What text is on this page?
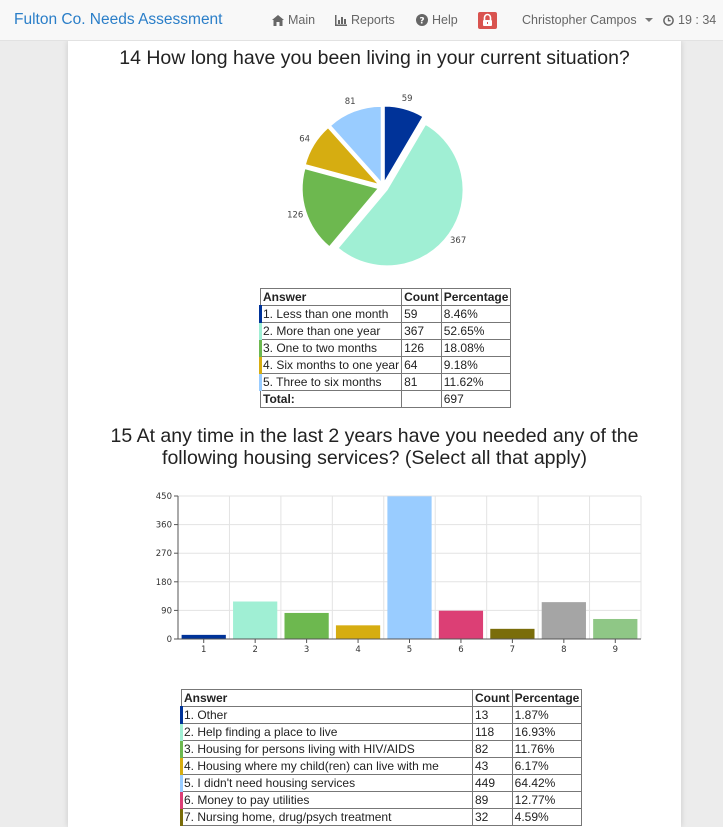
Fulton Co. Needs Assessment	Main	Reports	? Help	Christopher Campos	19 : 34
14 How long have you been living in your current situation?
59
367
126
64
81
Answer	Count	Percentage
1. Less than one month	59	8.46%
2. More than one year	367	52.65%
3. One to two months	126	18.08%
4. Six months to one year	64	9.18%
5. Three to six months	81	11.62%
Total:		697
15 At any time in the last 2 years have you needed any of the
following housing services? (Select all that apply)
0
90
180
270
360
450
1	2	3	4	5	6	7	8	9
Answer	Count	Percentage
1. Other	13	1.87%
2. Help finding a place to live	118	16.93%
3. Housing for persons living with HIV/AIDS	82	11.76%
4. Housing where my child(ren) can live with me	43	6.17%
5. I didn't need housing services	449	64.42%
6. Money to pay utilities	89	12.77%
7. Nursing home, drug/psych treatment	32	4.59%
